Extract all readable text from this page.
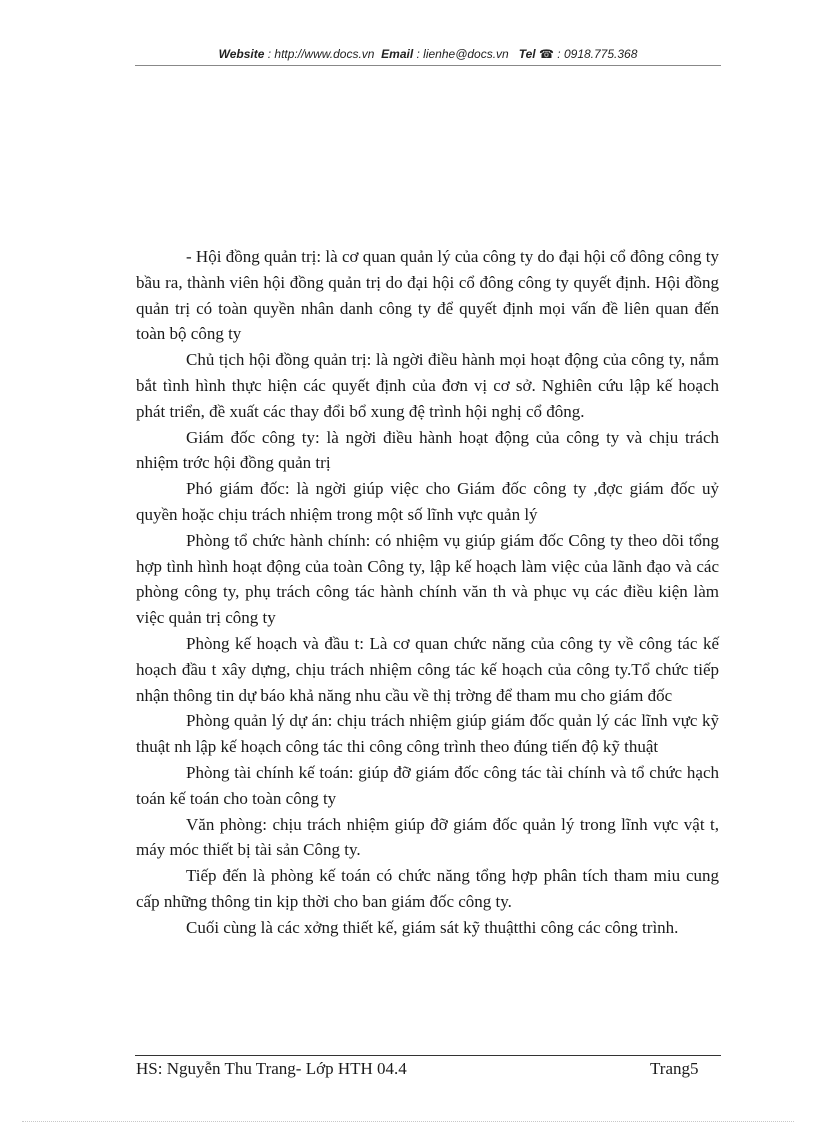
Website : http://www.docs.vn Email : lienhe@docs.vn Tel ☎ : 0918.775.368

- Hội đồng quản trị: là cơ quan quản lý của công ty do đại hội cổ đông công ty bầu ra, thành viên hội đồng quản trị do đại hội cổ đông công ty quyết định. Hội đồng quản trị có toàn quyền nhân danh công ty để quyết định mọi vấn đề liên quan đến toàn bộ công ty

Chủ tịch hội đồng quản trị: là ngời điều hành mọi hoạt động của công ty, nắm bắt tình hình thực hiện các quyết định của đơn vị cơ sở. Nghiên cứu lập kế hoạch phát triển, đề xuất các thay đổi bổ xung đệ trình hội nghị cổ đông.

Giám đốc công ty: là ngời điều hành hoạt động của công ty và chịu trách nhiệm trớc hội đồng quản trị

Phó giám đốc: là ngời giúp việc cho Giám đốc công ty ,đợc giám đốc uỷ quyền hoặc chịu trách nhiệm trong một số lĩnh vực quản lý

Phòng tổ chức hành chính: có nhiệm vụ giúp giám đốc Công ty theo dõi tổng hợp tình hình hoạt động của toàn Công ty, lập kế hoạch làm việc của lãnh đạo và các phòng công ty, phụ trách công tác hành chính văn th và phục vụ các điều kiện làm việc quản trị công ty

Phòng kế hoạch và đầu t: Là cơ quan chức năng của công ty về công tác kế hoạch đầu t xây dựng, chịu trách nhiệm công tác kế hoạch của công ty.Tổ chức tiếp nhận thông tin dự báo khả năng nhu cầu về thị trờng để tham mu cho giám đốc

Phòng quản lý dự án: chịu trách nhiệm giúp giám đốc quản lý các lĩnh vực kỹ thuật nh lập kế hoạch công tác thi công công trình theo đúng tiến độ kỹ thuật

Phòng tài chính kế toán: giúp đỡ giám đốc công tác tài chính và tổ chức hạch toán kế toán cho toàn công ty

Văn phòng: chịu trách nhiệm giúp đỡ giám đốc quản lý trong lĩnh vực vật t, máy móc thiết bị tài sản Công ty.

Tiếp đến là phòng kế toán có chức năng tổng hợp phân tích tham miu cung cấp những thông tin kịp thời cho ban giám đốc công ty.

Cuối cùng là các xởng thiết kế, giám sát kỹ thuậtthi công các công trình.

HS: Nguyễn Thu Trang- Lớp HTH 04.4	Trang5
